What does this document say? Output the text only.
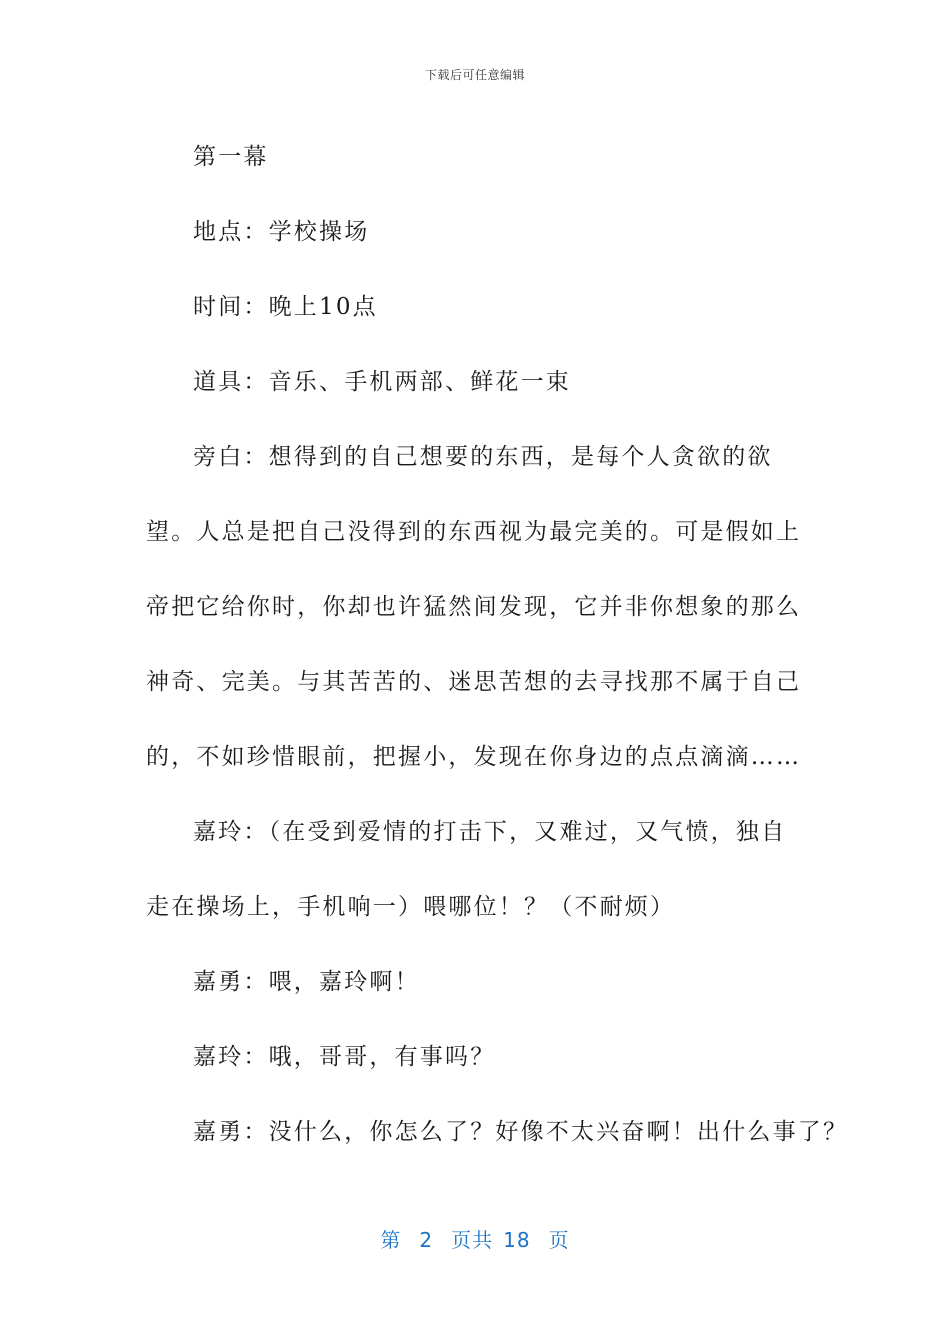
下载后可任意编辑

第一幕

地点：学校操场

时间：晚上10点

道具：音乐、手机两部、鲜花一束

旁白：想得到的自己想要的东西，是每个人贪欲的欲望。人总是把自己没得到的东西视为最完美的。可是假如上帝把它给你时，你却也许猛然间发现，它并非你想象的那么神奇、完美。与其苦苦的、迷思苦想的去寻找那不属于自己的，不如珍惜眼前，把握小，发现在你身边的点点滴滴……

嘉玲：（在受到爱情的打击下，又难过，又气愤，独自走在操场上，手机响一）喂哪位！？（不耐烦）

嘉勇：喂，嘉玲啊！

嘉玲：哦，哥哥，有事吗？

嘉勇：没什么，你怎么了？好像不太兴奋啊！出什么事了？

第 2 页共 18 页
